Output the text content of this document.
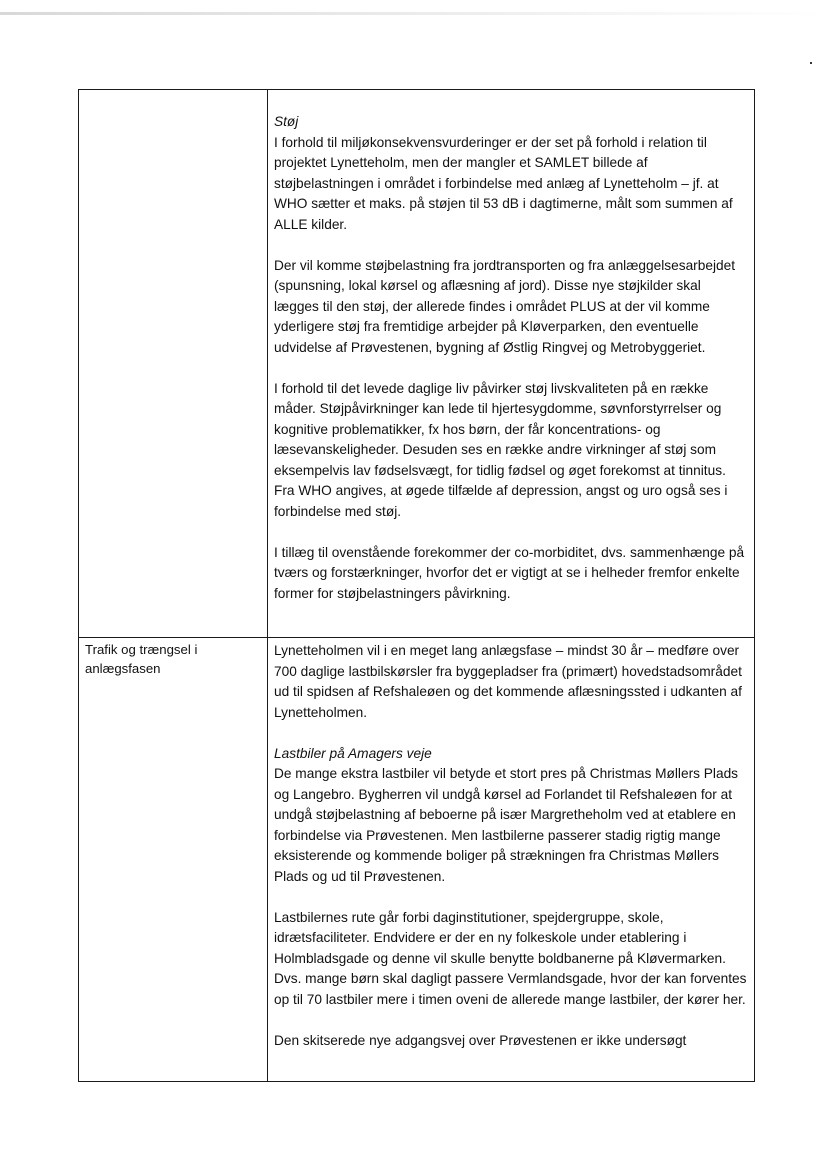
	Støj
I forhold til miljøkonsekvensvurderinger er der set på forhold i relation til projektet Lynetteholm, men der mangler et SAMLET billede af støjbelastningen i området i forbindelse med anlæg af Lynetteholm – jf. at WHO sætter et maks. på støjen til 53 dB i dagtimerne, målt som summen af ALLE kilder.

Der vil komme støjbelastning fra jordtransporten og fra anlæggelsesarbejdet (spunsning, lokal kørsel og aflæsning af jord). Disse nye støjkilder skal lægges til den støj, der allerede findes i området PLUS at der vil komme yderligere støj fra fremtidige arbejder på Kløverparken, den eventuelle udvidelse af Prøvestenen, bygning af Østlig Ringvej og Metrobyggeriet.

I forhold til det levede daglige liv påvirker støj livskvaliteten på en række måder. Støjpåvirkninger kan lede til hjertesygdomme, søvnforstyrrelser og kognitive problematikker, fx hos børn, der får koncentrations- og læsevanskeligheder. Desuden ses en række andre virkninger af støj som eksempelvis lav fødselsvægt, for tidlig fødsel og øget forekomst at tinnitus. Fra WHO angives, at øgede tilfælde af depression, angst og uro også ses i forbindelse med støj.

I tillæg til ovenstående forekommer der co-morbiditet, dvs. sammenhænge på tværs og forstærkninger, hvorfor det er vigtigt at se i helheder fremfor enkelte former for støjbelastningers påvirkning.

Trafik og trængsel i anlægsfasen	Lynetteholmen vil i en meget lang anlægsfase – mindst 30 år – medføre over 700 daglige lastbilskørsler fra byggepladser fra (primært) hovedstadsområdet ud til spidsen af Refshaleøen og det kommende aflæsningssted i udkanten af Lynetteholmen.

Lastbiler på Amagers veje
De mange ekstra lastbiler vil betyde et stort pres på Christmas Møllers Plads og Langebro. Bygherren vil undgå kørsel ad Forlandet til Refshaleøen for at undgå støjbelastning af beboerne på især Margretheholm ved at etablere en forbindelse via Prøvestenen. Men lastbilerne passerer stadig rigtig mange eksisterende og kommende boliger på strækningen fra Christmas Møllers Plads og ud til Prøvestenen.

Lastbilernes rute går forbi daginstitutioner, spejdergruppe, skole, idrætsfaciliteter. Endvidere er der en ny folkeskole under etablering i Holmbladsgade og denne vil skulle benytte boldbanerne på Kløvermarken. Dvs. mange børn skal dagligt passere Vermlandsgade, hvor der kan forventes op til 70 lastbiler mere i timen oveni de allerede mange lastbiler, der kører her.

Den skitserede nye adgangsvej over Prøvestenen er ikke undersøgt
